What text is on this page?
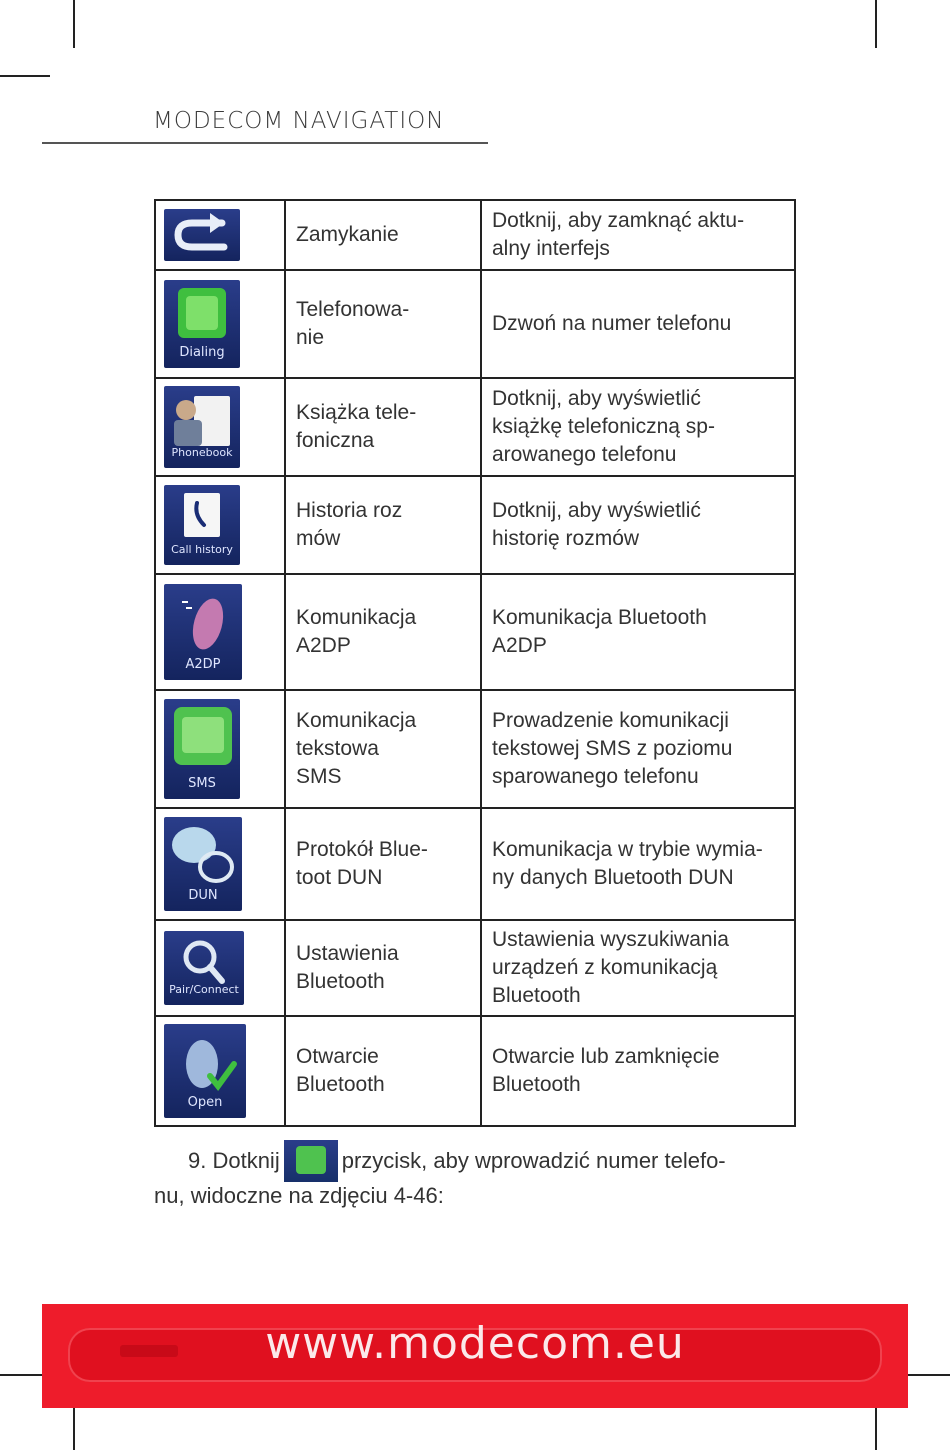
MODECOM NAVIGATION
	Zamykanie	Dotknij, aby zamknąć aktu-
alny interfejs

Dialing	Telefonowa-
nie	Dzwoń na numer telefonu

Phonebook	Książka tele-
foniczna	Dotknij, aby wyświetlić
książkę telefoniczną sp-
arowanego telefonu

Call history	Historia roz
mów	Dotknij, aby wyświetlić
historię rozmów

A2DP	Komunikacja
A2DP	Komunikacja Bluetooth
A2DP

SMS	Komunikacja
tekstowa
SMS	Prowadzenie komunikacji
tekstowej SMS z poziomu
sparowanego telefonu

DUN	Protokół Blue-
toot DUN	Komunikacja w trybie wymia-
ny danych Bluetooth DUN

Pair/Connect	Ustawienia
Bluetooth	Ustawienia wyszukiwania
urządzeń z komunikacją
Bluetooth

Open	Otwarcie
Bluetooth	Otwarcie lub zamknięcie
Bluetooth
9. Dotknij	przycisk, aby wprowadzić numer telefo-
nu, widoczne na zdjęciu 4-46:
www.modecom.eu
